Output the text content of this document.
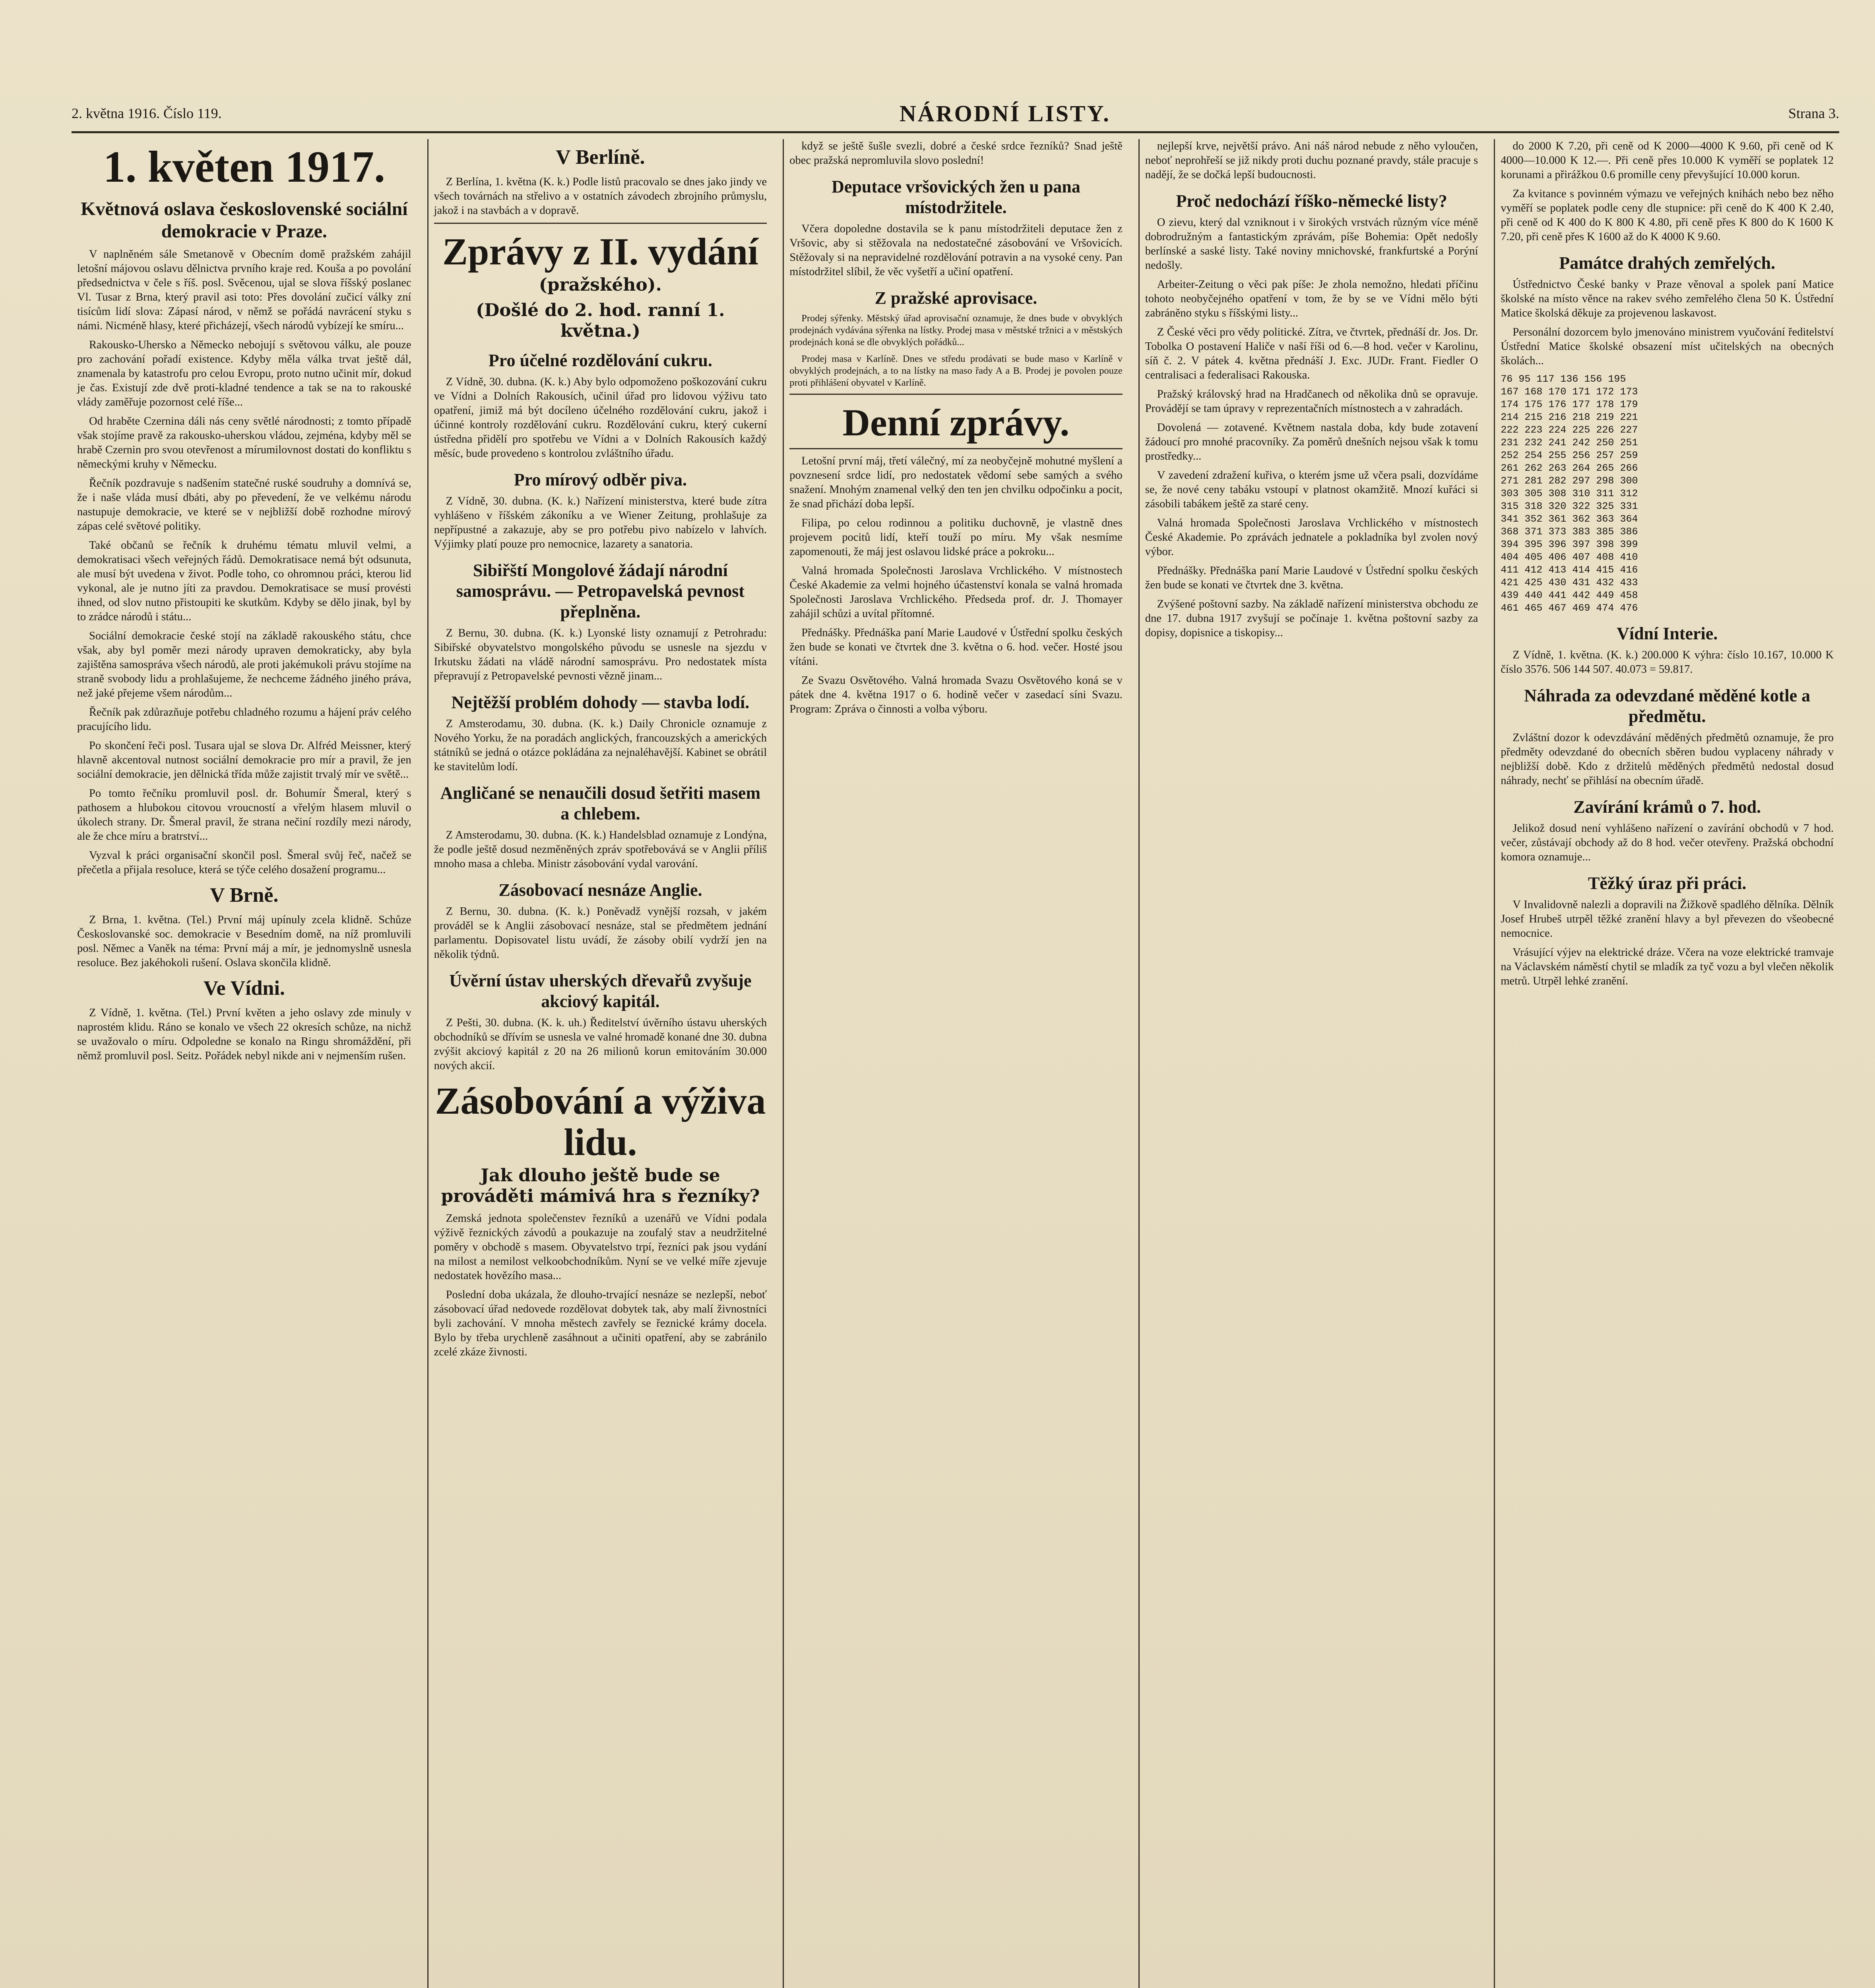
2. května 1916. Číslo 119.	NÁRODNÍ LISTY.	Strana 3.
1. květen 1917.
Květnová oslava československé sociální demokracie v Praze.

V naplněném sále Smetanově v Obecním domě pražském zahájil letošní májovou oslavu dělnictva prvního kraje red. Kouša a po povolání předsednictva v čele s říš. posl. Svěcenou, ujal se slova říšský poslanec Vl. Tusar z Brna, který pravil asi toto: Přes dovolání zučicí války zní tisícům lidí slova: Zápasí národ, v němž se pořádá navrácení styku s námi. Nicméně hlasy, které přicházejí, všech národů vybízejí ke smíru...

Rakousko-Uhersko a Německo nebojují s světovou válku, ale pouze pro zachování pořadí existence. Kdyby měla válka trvat ještě dál, znamenala by katastrofu pro celou Evropu, proto nutno učinit mír, dokud je čas. Existují zde dvě proti-kladné tendence a tak se na to rakouské vlády zaměřuje pozornost celé říše...

Od hraběte Czernina dáli nás ceny světlé národnosti; z tomto případě však stojíme pravě za rakousko-uherskou vládou, zejména, kdyby měl se hrabě Czernin pro svou otevřenost a mírumilovnost dostati do konfliktu s německými kruhy v Německu.

Řečník pozdravuje s nadšením statečné ruské soudruhy a domnívá se, že i naše vláda musí dbáti, aby po převedení, že ve velkému národu nastupuje demokracie, ve které se v nejbližší době rozhodne mírový zápas celé světové politiky.

Také občanů se řečník k druhému tématu mluvil velmi, a demokratisaci všech veřejných řádů. Demokratisace nemá být odsunuta, ale musí být uvedena v život. Podle toho, co ohromnou práci, kterou lid vykonal, ale je nutno jíti za pravdou. Demokratisace se musí provésti ihned, od slov nutno přistoupiti ke skutkům. Kdyby se dělo jinak, byl by to zrádce národů i státu...

Sociální demokracie české stojí na základě rakouského státu, chce však, aby byl poměr mezi národy upraven demokraticky, aby byla zajištěna samospráva všech národů, ale proti jakémukoli právu stojíme na straně svobody lidu a prohlašujeme, že nechceme žádného jiného práva, než jaké přejeme všem národům...

Řečník pak zdůrazňuje potřebu chladného rozumu a hájení práv celého pracujícího lidu.

Po skončení řeči posl. Tusara ujal se slova Dr. Alfréd Meissner, který hlavně akcentoval nutnost sociální demokracie pro mír a pravil, že jen sociální demokracie, jen dělnická třída může zajistit trvalý mír ve světě...

Po tomto řečníku promluvil posl. dr. Bohumír Šmeral, který s pathosem a hlubokou citovou vroucností a vřelým hlasem mluvil o úkolech strany. Dr. Šmeral pravil, že strana nečiní rozdíly mezi národy, ale že chce míru a bratrství...

Vyzval k práci organisační skončil posl. Šmeral svůj řeč, načež se přečetla a přijala resoluce, která se týče celého dosažení programu...

V Brně.

Z Brna, 1. května. (Tel.) První máj upínuly zcela klidně. Schůze Českoslovanské soc. demokracie v Besedním domě, na níž promluvili posl. Němec a Vaněk na téma: První máj a mír, je jednomyslně usnesla resoluce. Bez jakéhokoli rušení. Oslava skončila klidně.

Ve Vídni.

Z Vídně, 1. května. (Tel.) První květen a jeho oslavy zde minuly v naprostém klidu. Ráno se konalo ve všech 22 okresích schůze, na nichž se uvažovalo o míru. Odpoledne se konalo na Ringu shromáždění, při němž promluvil posl. Seitz. Pořádek nebyl nikde ani v nejmenším rušen.

V Berlíně.

Z Berlína, 1. května (K. k.) Podle listů pracovalo se dnes jako jindy ve všech továrnách na střelivo a v ostatních závodech zbrojního průmyslu, jakož i na stavbách a v dopravě.

Zprávy z II. vydání
(pražského).
(Došlé do 2. hod. ranní 1. května.)
Pro účelné rozdělování cukru.

Z Vídně, 30. dubna. (K. k.) Aby bylo odpomoženo poškozování cukru ve Vídni a Dolních Rakousích, učinil úřad pro lidovou výživu tato opatření, jimiž má být docíleno účelného rozdělování cukru, jakož i účinné kontroly rozdělování cukru. Rozdělování cukru, který cukerní ústředna přidělí pro spotřebu ve Vídni a v Dolních Rakousích každý měsíc, bude provedeno s kontrolou zvláštního úřadu.

Pro mírový odběr piva.

Z Vídně, 30. dubna. (K. k.) Nařízení ministerstva, které bude zítra vyhlášeno v říšském zákoníku a ve Wiener Zeitung, prohlašuje za nepřípustné a zakazuje, aby se pro potřebu pivo nabízelo v lahvích. Výjimky platí pouze pro nemocnice, lazarety a sanatoria.

Sibiřští Mongolové žádají národní samosprávu. — Petropavelská pevnost přeplněna.

Z Bernu, 30. dubna. (K. k.) Lyonské listy oznamují z Petrohradu: Sibiřské obyvatelstvo mongolského původu se usnesle na sjezdu v Irkutsku žádati na vládě národní samosprávu. Pro nedostatek místa přepravují z Petropavelské pevnosti vězně jinam...

Nejtěžší problém dohody — stavba lodí.

Z Amsterodamu, 30. dubna. (K. k.) Daily Chronicle oznamuje z Nového Yorku, že na poradách anglických, francouzských a amerických státníků se jedná o otázce pokládána za nejnaléhavější. Kabinet se obrátil ke stavitelům lodí.

Angličané se nenaučili dosud šetřiti masem a chlebem.

Z Amsterodamu, 30. dubna. (K. k.) Handelsblad oznamuje z Londýna, že podle ještě dosud nezměněných zpráv spotřebovává se v Anglii příliš mnoho masa a chleba. Ministr zásobování vydal varování.

Zásobovací nesnáze Anglie.

Z Bernu, 30. dubna. (K. k.) Poněvadž vynější rozsah, v jakém prováděl se k Anglii zásobovací nesnáze, stal se předmětem jednání parlamentu. Dopisovatel listu uvádí, že zásoby obilí vydrží jen na několik týdnů.

Úvěrní ústav uherských dřevařů zvyšuje akciový kapitál.

Z Pešti, 30. dubna. (K. k. uh.) Ředitelství úvěrního ústavu uherských obchodníků se dřívím se usnesla ve valné hromadě konané dne 30. dubna zvýšit akciový kapitál z 20 na 26 milionů korun emitováním 30.000 nových akcií.

Zásobování a výživa lidu.
Jak dlouho ještě bude se prováděti mámivá hra s řezníky?

Zemská jednota společenstev řezníků a uzenářů ve Vídni podala výživě řeznických závodů a poukazuje na zoufalý stav a neudržitelné poměry v obchodě s masem. Obyvatelstvo trpí, řezníci pak jsou vydání na milost a nemilost velkoobchodníkům. Nyní se ve velké míře zjevuje nedostatek hovězího masa...

Poslední doba ukázala, že dlouho-trvající nesnáze se nezlepší, neboť zásobovací úřad nedovede rozdělovat dobytek tak, aby malí živnostníci byli zachování. V mnoha městech zavřely se řeznické krámy docela. Bylo by třeba urychleně zasáhnout a učiniti opatření, aby se zabránilo zcelé zkáze živnosti.

když se ještě šušle svezli, dobré a české srdce řezníků? Snad ještě obec pražská nepromluvila slovo poslední!

Deputace vršovických žen u pana místodržitele.

Včera dopoledne dostavila se k panu místodržiteli deputace žen z Vršovic, aby si stěžovala na nedostatečné zásobování ve Vršovicích. Stěžovaly si na nepravidelné rozdělování potravin a na vysoké ceny. Pan místodržitel slíbil, že věc vyšetří a učiní opatření.

Z pražské aprovisace.

Prodej sýřenky. Městský úřad aprovisační oznamuje, že dnes bude v obvyklých prodejnách vydávána sýřenka na lístky. Prodej masa v městské tržnici a v městských prodejnách koná se dle obvyklých pořádků...

Prodej masa v Karlíně. Dnes ve středu prodávati se bude maso v Karlíně v obvyklých prodejnách, a to na lístky na maso řady A a B. Prodej je povolen pouze proti přihlášení obyvatel v Karlíně.

Denní zprávy.

Letošní první máj, třetí válečný, mí za neobyčejně mohutné myšlení a povznesení srdce lidí, pro nedostatek vědomí sebe samých a svého snažení. Mnohým znamenal velký den ten jen chvilku odpočinku a pocit, že snad přichází doba lepší.

Filipa, po celou rodinnou a politiku duchovně, je vlastně dnes projevem pocitů lidí, kteří touží po míru. My však nesmíme zapomenouti, že máj jest oslavou lidské práce a pokroku...

Valná hromada Společnosti Jaroslava Vrchlického. V místnostech České Akademie za velmi hojného účastenství konala se valná hromada Společnosti Jaroslava Vrchlického. Předseda prof. dr. J. Thomayer zahájil schůzi a uvítal přítomné.

Přednášky. Přednáška paní Marie Laudové v Ústřední spolku českých žen bude se konati ve čtvrtek dne 3. května o 6. hod. večer. Hosté jsou vítáni.

Ze Svazu Osvětového. Valná hromada Svazu Osvětového koná se v pátek dne 4. května 1917 o 6. hodině večer v zasedací síni Svazu. Program: Zpráva o činnosti a volba výboru.

nejlepší krve, největší právo. Ani náš národ nebude z něho vyloučen, neboť neprohřeší se již nikdy proti duchu poznané pravdy, stále pracuje s nadějí, že se dočká lepší budoucnosti.

Proč nedochází říško-německé listy?

O zievu, který dal vzniknout i v širokých vrstvách různým více méně dobrodružným a fantastickým zprávám, píše Bohemia: Opět nedošly berlínské a saské listy. Také noviny mnichovské, frankfurtské a Porýní nedošly.

Arbeiter-Zeitung o věci pak píše: Je zhola nemožno, hledati příčinu tohoto neobyčejného opatření v tom, že by se ve Vídni mělo býti zabráněno styku s říšskými listy...

Z České věci pro vědy politické. Zítra, ve čtvrtek, přednáší dr. Jos. Dr. Tobolka O postavení Haliče v naší říši od 6.—8 hod. večer v Karolinu, síň č. 2. V pátek 4. května přednáší J. Exc. JUDr. Frant. Fiedler O centralisaci a federalisaci Rakouska.

Pražský královský hrad na Hradčanech od několika dnů se opravuje. Provádějí se tam úpravy v reprezentačních místnostech a v zahradách.

Dovolená — zotavené. Květnem nastala doba, kdy bude zotavení žádoucí pro mnohé pracovníky. Za poměrů dnešních nejsou však k tomu prostředky...

V zavedení zdražení kuřiva, o kterém jsme už včera psali, dozvídáme se, že nové ceny tabáku vstoupí v platnost okamžitě. Mnozí kuřáci si zásobili tabákem ještě za staré ceny.

Valná hromada Společnosti Jaroslava Vrchlického v místnostech České Akademie. Po zprávách jednatele a pokladníka byl zvolen nový výbor.

Přednášky. Přednáška paní Marie Laudové v Ústřední spolku českých žen bude se konati ve čtvrtek dne 3. května.

Zvýšené poštovní sazby. Na základě nařízení ministerstva obchodu ze dne 17. dubna 1917 zvyšují se počínaje 1. května poštovní sazby za dopisy, dopisnice a tiskopisy...

do 2000 K 7.20, při ceně od K 2000—4000 K 9.60, při ceně od K 4000—10.000 K 12.—. Při ceně přes 10.000 K vyměří se poplatek 12 korunami a přirážkou 0.6 promille ceny převyšující 10.000 korun.

Za kvitance s povinném výmazu ve veřejných knihách nebo bez něho vyměří se poplatek podle ceny dle stupnice: při ceně do K 400 K 2.40, při ceně od K 400 do K 800 K 4.80, při ceně přes K 800 do K 1600 K 7.20, při ceně přes K 1600 až do K 4000 K 9.60.

Památce drahých zemřelých.

Ústřednictvo České banky v Praze věnoval a spolek paní Matice školské na místo věnce na rakev svého zemřelého člena 50 K. Ústřední Matice školská děkuje za projevenou laskavost.

Personální dozorcem bylo jmenováno ministrem vyučování ředitelství Ústřední Matice školské obsazení míst učitelských na obecných školách...

76 95 117 136 156 195
167 168 170 171 172 173
174 175 176 177 178 179
214 215 216 218 219 221
222 223 224 225 226 227
231 232 241 242 250 251
252 254 255 256 257 259
261 262 263 264 265 266
271 281 282 297 298 300
303 305 308 310 311 312
315 318 320 322 325 331
341 352 361 362 363 364
368 371 373 383 385 386
394 395 396 397 398 399
404 405 406 407 408 410
411 412 413 414 415 416
421 425 430 431 432 433
439 440 441 442 449 458
461 465 467 469 474 476
Vídní Interie.

Z Vídně, 1. května. (K. k.) 200.000 K výhra: číslo 10.167, 10.000 K číslo 3576. 506 144 507. 40.073 = 59.817.

Náhrada za odevzdané měděné kotle a předmětu.

Zvláštní dozor k odevzdávání měděných předmětů oznamuje, že pro předměty odevzdané do obecních sběren budou vyplaceny náhrady v nejbližší době. Kdo z držitelů měděných předmětů nedostal dosud náhrady, nechť se přihlásí na obecním úřadě.

Zavírání krámů o 7. hod.

Jelikož dosud není vyhlášeno nařízení o zavírání obchodů v 7 hod. večer, zůstávají obchody až do 8 hod. večer otevřeny. Pražská obchodní komora oznamuje...

Těžký úraz při práci.

V Invalidovně nalezli a dopravili na Žižkově spadlého dělníka. Dělník Josef Hrubeš utrpěl těžké zranění hlavy a byl převezen do všeobecné nemocnice.

Vrásující výjev na elektrické dráze. Včera na voze elektrické tramvaje na Václavském náměstí chytil se mladík za tyč vozu a byl vlečen několik metrů. Utrpěl lehké zranění.
